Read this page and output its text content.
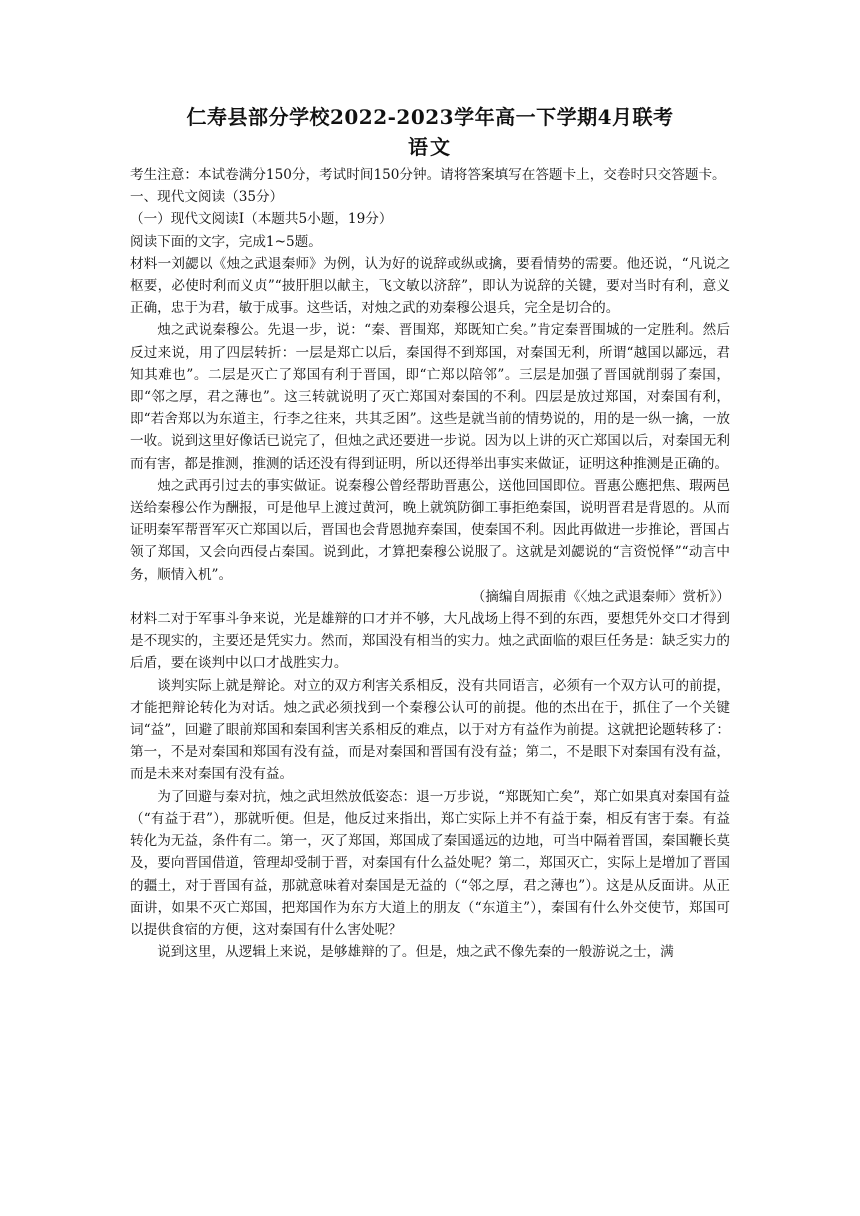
仁寿县部分学校2022-2023学年高一下学期4月联考
语文

考生注意：本试卷满分150分，考试时间150分钟。请将答案填写在答题卡上，交卷时只交答题卡。

一、现代文阅读（35分）

（一）现代文阅读Ⅰ（本题共5小题，19分）

阅读下面的文字，完成1~5题。

材料一刘勰以《烛之武退秦师》为例，认为好的说辞或纵或擒，要看情势的需要。他还说，“凡说之枢要，必使时利而义贞”“披肝胆以献主，飞文敏以济辞”，即认为说辞的关键，要对当时有利，意义正确，忠于为君，敏于成事。这些话，对烛之武的劝秦穆公退兵，完全是切合的。

烛之武说秦穆公。先退一步，说：“秦、晋围郑，郑既知亡矣。”肯定秦晋围城的一定胜利。然后反过来说，用了四层转折：一层是郑亡以后，秦国得不到郑国，对秦国无利，所谓“越国以鄙远，君知其难也”。二层是灭亡了郑国有利于晋国，即“亡郑以陪邻”。三层是加强了晋国就削弱了秦国，即“邻之厚，君之薄也”。这三转就说明了灭亡郑国对秦国的不利。四层是放过郑国，对秦国有利，即“若舍郑以为东道主，行李之往来，共其乏困”。这些是就当前的情势说的，用的是一纵一擒，一放一收。说到这里好像话已说完了，但烛之武还要进一步说。因为以上讲的灭亡郑国以后，对秦国无利而有害，都是推测，推测的话还没有得到证明，所以还得举出事实来做证，证明这种推测是正确的。

烛之武再引过去的事实做证。说秦穆公曾经帮助晋惠公，送他回国即位。晋惠公應把焦、瑕两邑送给秦穆公作为酬报，可是他早上渡过黄河，晚上就筑防御工事拒绝秦国，说明晋君是背恩的。从而证明秦军帮晋军灭亡郑国以后，晋国也会背恩抛弃秦国，使秦国不利。因此再做进一步推论，晋国占领了郑国，又会向西侵占秦国。说到此，才算把秦穆公说服了。这就是刘勰说的“言资悦怿”“动言中务，顺情入机”。

（摘编自周振甫《〈烛之武退秦师〉赏析》）

材料二对于军事斗争来说，光是雄辩的口才并不够，大凡战场上得不到的东西，要想凭外交口才得到是不现实的，主要还是凭实力。然而，郑国没有相当的实力。烛之武面临的艰巨任务是：缺乏实力的后盾，要在谈判中以口才战胜实力。

谈判实际上就是辩论。对立的双方利害关系相反，没有共同语言，必须有一个双方认可的前提，才能把辩论转化为对话。烛之武必须找到一个秦穆公认可的前提。他的杰出在于，抓住了一个关键词“益”，回避了眼前郑国和秦国利害关系相反的难点，以于对方有益作为前提。这就把论题转移了：第一，不是对秦国和郑国有没有益，而是对秦国和晋国有没有益；第二，不是眼下对秦国有没有益，而是未来对秦国有没有益。

为了回避与秦对抗，烛之武坦然放低姿态：退一万步说，“郑既知亡矣”，郑亡如果真对秦国有益（“有益于君”），那就听便。但是，他反过来指出，郑亡实际上并不有益于秦，相反有害于秦。有益转化为无益，条件有二。第一，灭了郑国，郑国成了秦国遥远的边地，可当中隔着晋国，秦国鞭长莫及，要向晋国借道，管理却受制于晋，对秦国有什么益处呢？第二，郑国灭亡，实际上是增加了晋国的疆土，对于晋国有益，那就意味着对秦国是无益的（“邻之厚，君之薄也”）。这是从反面讲。从正面讲，如果不灭亡郑国，把郑国作为东方大道上的朋友（“东道主”），秦国有什么外交使节，郑国可以提供食宿的方便，这对秦国有什么害处呢？

说到这里，从逻辑上来说，是够雄辩的了。但是，烛之武不像先秦的一般游说之士，满
